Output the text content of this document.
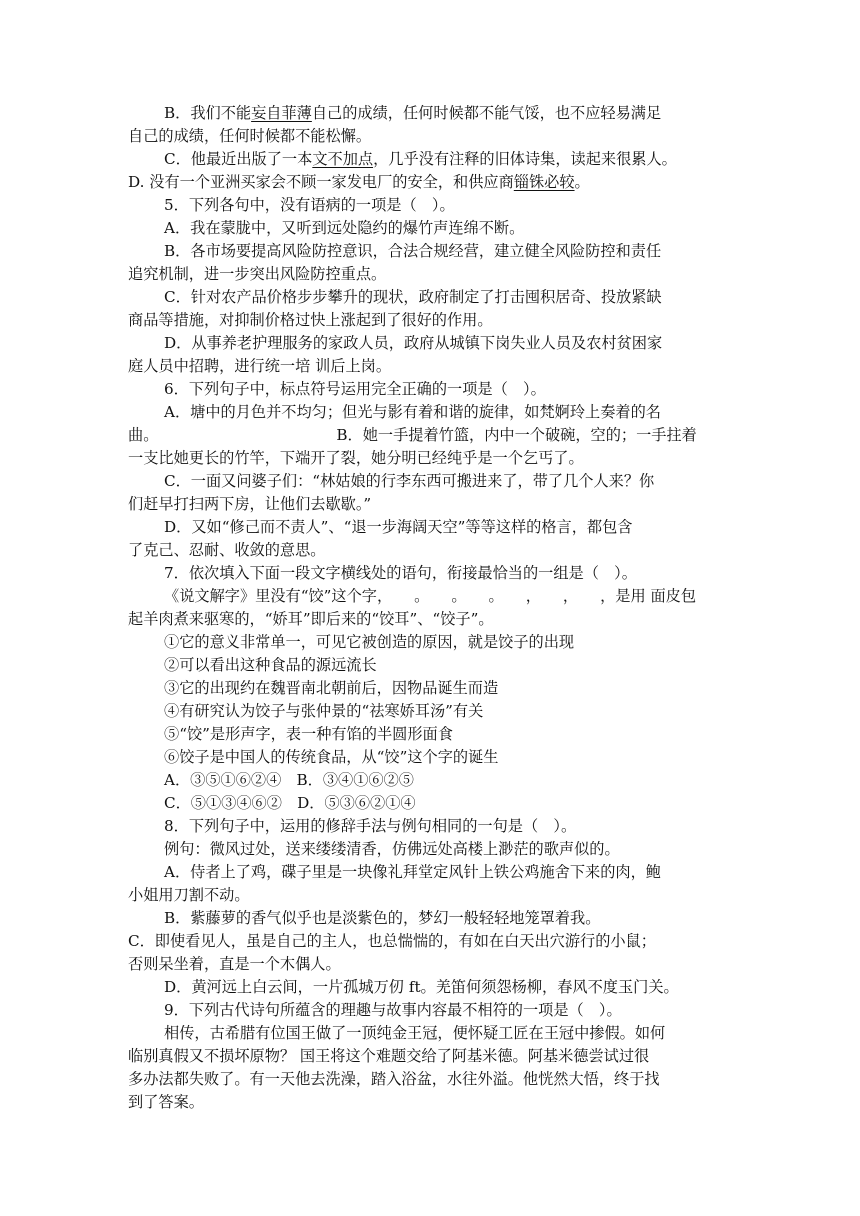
B．我们不能妄自菲薄自己的成绩，任何时候都不能气馁，也不应轻易满足
自己的成绩，任何时候都不能松懈。
C．他最近出版了一本文不加点，几乎没有注释的旧体诗集，读起来很累人。
D. 没有一个亚洲买家会不顾一家发电厂的安全，和供应商锱铢必较。
5．下列各句中，没有语病的一项是（　）。
A．我在蒙胧中，又听到远处隐约的爆竹声连绵不断。
B．各市场要提高风险防控意识，合法合规经营，建立健全风险防控和责任
追究机制，进一步突出风险防控重点。
C．针对农产品价格步步攀升的现状，政府制定了打击囤积居奇、投放紧缺
商品等措施，对抑制价格过快上涨起到了很好的作用。
D．从事养老护理服务的家政人员，政府从城镇下岗失业人员及农村贫困家
庭人员中招聘，进行统一培 训后上岗。
6．下列句子中，标点符号运用完全正确的一项是（　）。
A．塘中的月色并不均匀；但光与影有着和谐的旋律，如梵婀玲上奏着的名
曲。	B．她一手提着竹篮，内中一个破碗，空的；一手拄着
一支比她更长的竹竿，下端开了裂，她分明已经纯乎是一个乞丐了。
C．一面又问婆子们：“林姑娘的行李东西可搬进来了，带了几个人来？你
们赶早打扫两下房，让他们去歇歇。”
D．又如“修己而不责人”、“退一步海阔天空”等等这样的格言，都包含
了克己、忍耐、收敛的意思。
7．依次填入下面一段文字横线处的语句，衔接最恰当的一组是（　）。
《说文解字》里没有“饺”这个字， 。 。 。 ， ， ，是用 面皮包
起羊肉煮来驱寒的，“娇耳”即后来的“饺耳”、“饺子”。
①它的意义非常单一，可见它被创造的原因，就是饺子的出现
②可以看出这种食品的源远流长
③它的出现约在魏晋南北朝前后，因物品诞生而造
④有研究认为饺子与张仲景的“祛寒娇耳汤”有关
⑤“饺”是形声字，表一种有馅的半圆形面食
⑥饺子是中国人的传统食品，从“饺”这个字的诞生
A．③⑤①⑥②④　B．③④①⑥②⑤
C．⑤①③④⑥②　D．⑤③⑥②①④
8．下列句子中，运用的修辞手法与例句相同的一句是（　）。
例句：微风过处，送来缕缕清香，仿佛远处高楼上渺茫的歌声似的。
A．侍者上了鸡，碟子里是一块像礼拜堂定风针上铁公鸡施舍下来的肉，鲍
小姐用刀割不动。
B．紫藤萝的香气似乎也是淡紫色的，梦幻一般轻轻地笼罩着我。
C．即使看见人，虽是自己的主人，也总惴惴的，有如在白天出穴游行的小鼠；
否则呆坐着，直是一个木偶人。
D．黄河远上白云间，一片孤城万仞 ft。羌笛何须怨杨柳，春风不度玉门关。
9．下列古代诗句所蕴含的理趣与故事内容最不相符的一项是（　）。
相传，古希腊有位国王做了一顶纯金王冠，便怀疑工匠在王冠中掺假。如何
临别真假又不损坏原物？ 国王将这个难题交给了阿基米德。阿基米德尝试过很
多办法都失败了。有一天他去洗澡，踏入浴盆，水往外溢。他恍然大悟，终于找
到了答案。
